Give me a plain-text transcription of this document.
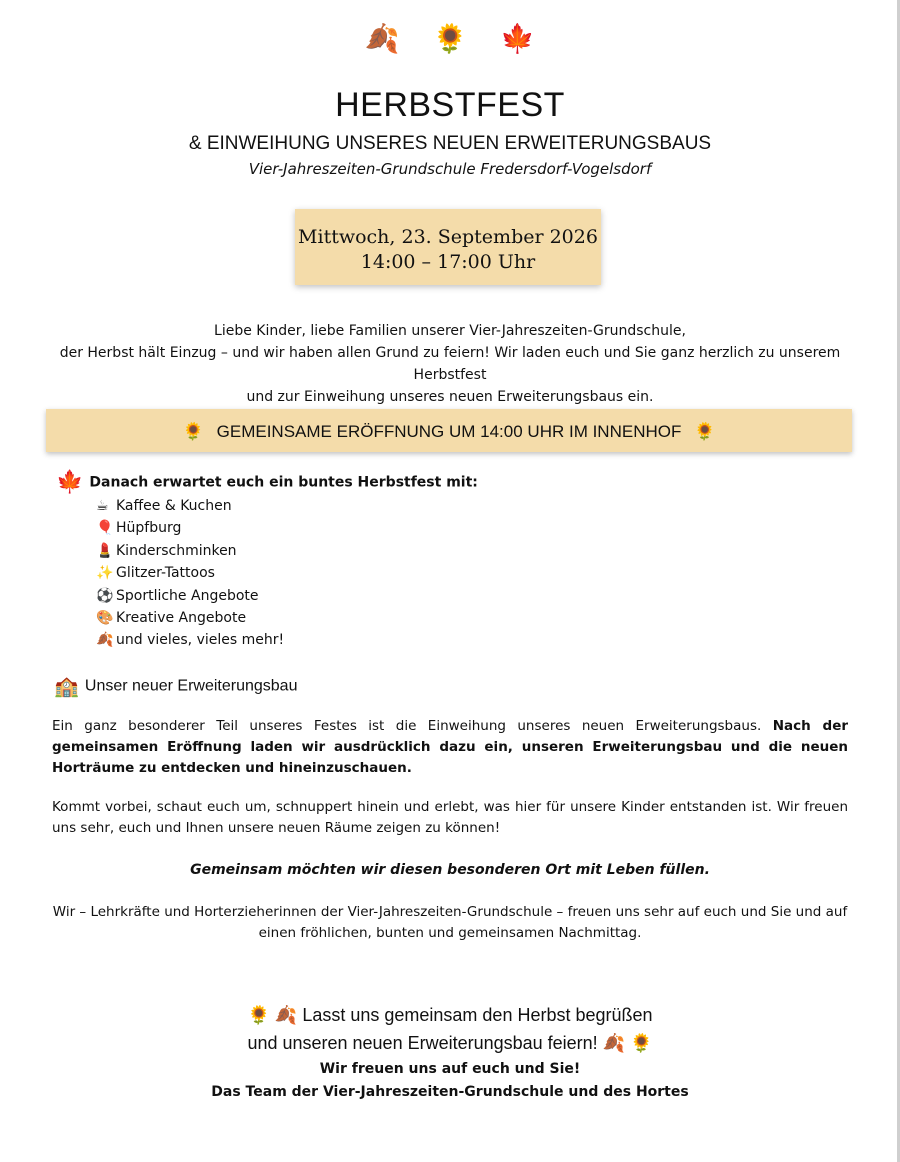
🍂 🌻 🍁
HERBSTFEST
& EINWEIHUNG UNSERES NEUEN ERWEITERUNGSBAUS
Vier-Jahreszeiten-Grundschule Fredersdorf-Vogelsdorf
Mittwoch, 23. September 2026
14:00 – 17:00 Uhr
Liebe Kinder, liebe Familien unserer Vier-Jahreszeiten-Grundschule,
der Herbst hält Einzug – und wir haben allen Grund zu feiern! Wir laden euch und Sie ganz herzlich zu unserem Herbstfest
und zur Einweihung unseres neuen Erweiterungsbaus ein.
🌻 GEMEINSAME ERÖFFNUNG UM 14:00 UHR IM INNENHOF 🌻
🍁 Danach erwartet euch ein buntes Herbstfest mit:
☕ Kaffee & Kuchen
🎈 Hüpfburg
💄 Kinderschminken
✨ Glitzer-Tattoos
⚽ Sportliche Angebote
🎨 Kreative Angebote
🍂 und vieles, vieles mehr!
🏫 Unser neuer Erweiterungsbau
Ein ganz besonderer Teil unseres Festes ist die Einweihung unseres neuen Erweiterungsbaus. Nach der gemeinsamen Eröffnung laden wir ausdrücklich dazu ein, unseren Erweiterungsbau und die neuen Horträume zu entdecken und hineinzuschauen.
Kommt vorbei, schaut euch um, schnuppert hinein und erlebt, was hier für unsere Kinder entstanden ist. Wir freuen uns sehr, euch und Ihnen unsere neuen Räume zeigen zu können!
Gemeinsam möchten wir diesen besonderen Ort mit Leben füllen.
Wir – Lehrkräfte und Horterzieherinnen der Vier-Jahreszeiten-Grundschule – freuen uns sehr auf euch und Sie und auf
einen fröhlichen, bunten und gemeinsamen Nachmittag.
🌻 🍂 Lasst uns gemeinsam den Herbst begrüßen
und unseren neuen Erweiterungsbau feiern! 🍂 🌻
Wir freuen uns auf euch und Sie!
Das Team der Vier-Jahreszeiten-Grundschule und des Hortes
